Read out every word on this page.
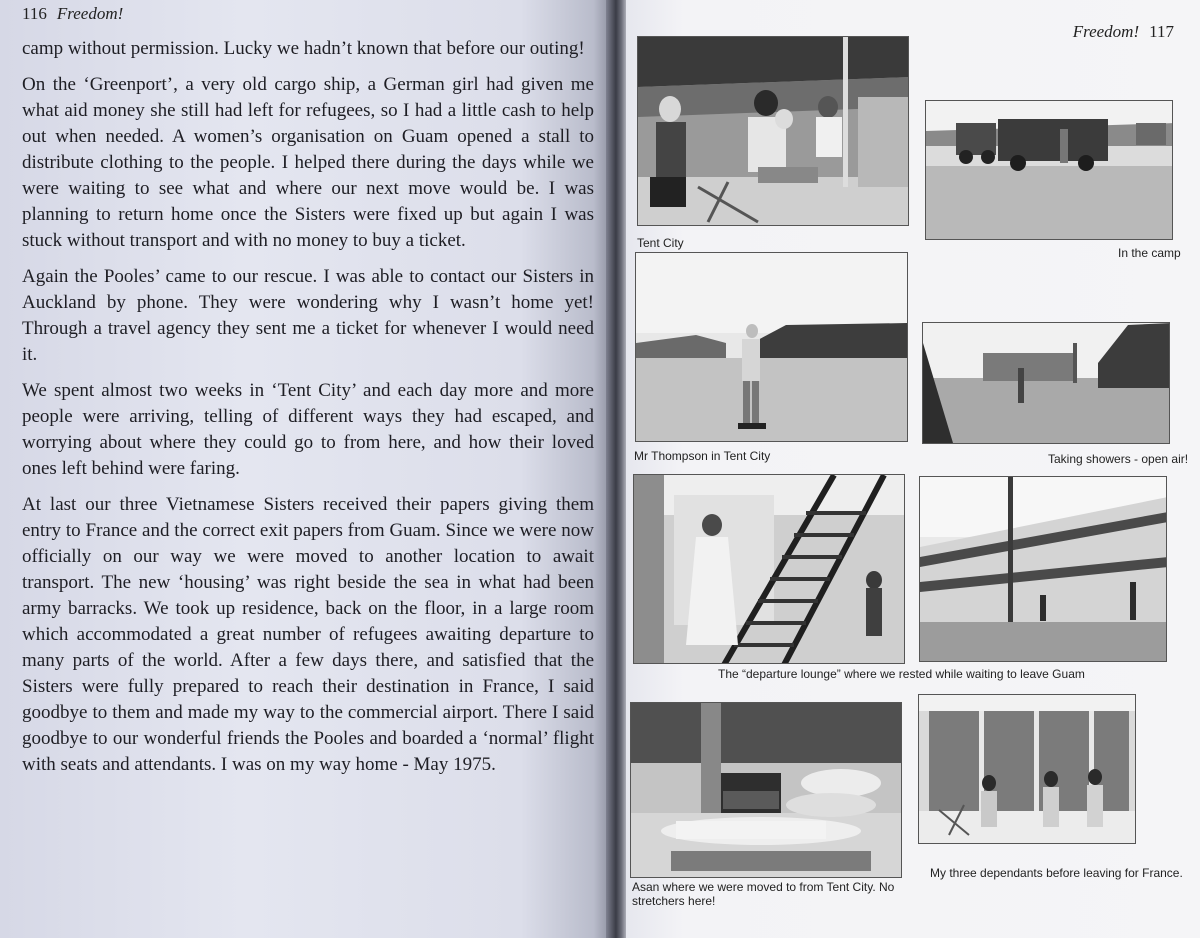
116 Freedom!

camp without permission. Lucky we hadn’t known that before our outing!

On the ‘Greenport’, a very old cargo ship, a German girl had given me what aid money she still had left for refugees, so I had a little cash to help out when needed. A women’s organisation on Guam opened a stall to distribute clothing to the people. I helped there during the days while we were waiting to see what and where our next move would be. I was planning to return home once the Sisters were fixed up but again I was stuck without transport and with no money to buy a ticket.

Again the Pooles’ came to our rescue. I was able to contact our Sisters in Auckland by phone. They were wondering why I wasn’t home yet! Through a travel agency they sent me a ticket for whenever I would need it.

We spent almost two weeks in ‘Tent City’ and each day more and more people were arriving, telling of different ways they had escaped, and worrying about where they could go to from here, and how their loved ones left behind were faring.

At last our three Vietnamese Sisters received their papers giving them entry to France and the correct exit papers from Guam. Since we were now officially on our way we were moved to another location to await transport. The new ‘housing’ was right beside the sea in what had been army barracks. We took up residence, back on the floor, in a large room which accommodated a great number of refugees awaiting departure to many parts of the world. After a few days there, and satisfied that the Sisters were fully prepared to reach their destination in France, I said goodbye to them and made my way to the commercial airport. There I said goodbye to our wonderful friends the Pooles and boarded a ‘normal’ flight with seats and attendants. I was on my way home - May 1975.

Freedom! 117
Tent City
In the camp
Mr Thompson in Tent City	Taking showers - open air!
The “departure lounge” where we rested while waiting to leave Guam
Asan where we were moved to from Tent City. No stretchers here!
My three dependants before leaving for France.
